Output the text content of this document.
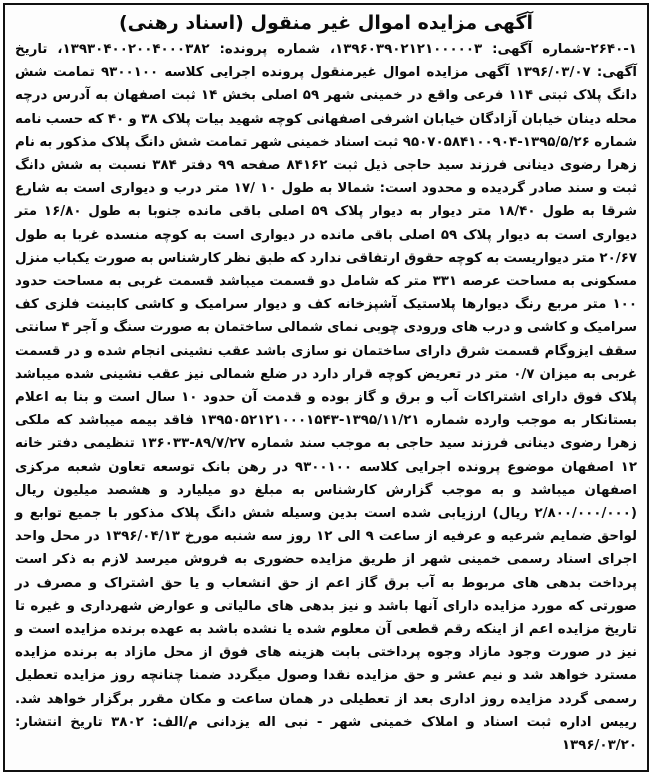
آگهی مزایده اموال غیر منقول (اسناد رهنی)

۲۶۴۰-۱-شماره آگهی: ۱۳۹۶۰۳۹۰۲۱۲۱۰۰۰۰۰۳، شماره پرونده: ۱۳۹۳۰۴۰۰۲۰۰۴۰۰۰۳۸۲، تاریخ آگهی: ۱۳۹۶/۰۳/۰۷ آگهی مزایده اموال غیرمنقول پرونده اجرایی کلاسه ۹۳۰۰۱۰۰ تمامت شش دانگ پلاک ثبتی ۱۱۴ فرعی واقع در خمینی شهر ۵۹ اصلی بخش ۱۴ ثبت اصفهان به آدرس درچه محله دینان خیابان آزادگان خیابان اشرفی اصفهانی کوچه شهید بیات پلاک ۳۸ و ۴۰ که حسب نامه شماره ۱۳۹۵/۵/۲۶-۹۵۰۷۰۵۸۴۱۰۰۹۰۴ ثبت اسناد خمینی شهر تمامت شش دانگ پلاک مذکور به نام زهرا رضوی دینانی فرزند سید حاجی ذیل ثبت ۸۴۱۶۲ صفحه ۹۹ دفتر ۳۸۴ نسبت به شش دانگ ثبت و سند صادر گردیده و محدود است: شمالا به طول ۱۰ /۱۷ متر درب و دیواری است به شارع شرقا به طول ۱۸/۴۰ متر دیوار به دیوار پلاک ۵۹ اصلی باقی مانده جنوبا به طول ۱۶/۸۰ متر دیواری است به دیوار پلاک ۵۹ اصلی باقی مانده در دیواری است به کوچه منسده غربا به طول ۲۰/۶۷ متر دیواریست به کوچه حقوق ارتفاقی ندارد که طبق نظر کارشناس به صورت یکباب منزل مسکونی به مساحت عرصه ۳۳۱ متر که شامل دو قسمت میباشد قسمت غربی به مساحت حدود ۱۰۰ متر مربع رنگ دیوارها پلاستیک آشپزخانه کف و دیوار سرامیک و کاشی کابینت فلزی کف سرامیک و کاشی و درب های ورودی چوبی نمای شمالی ساختمان به صورت سنگ و آجر ۴ سانتی سقف ایزوگام قسمت شرق دارای ساختمان نو سازی باشد عقب نشینی انجام شده و در قسمت غربی به میزان ۰/۷ متر در تعریض کوچه قرار دارد در ضلع شمالی نیز عقب نشینی شده میباشد پلاک فوق دارای اشتراکات آب و برق و گاز بوده و قدمت آن حدود ۱۰ سال است و بنا به اعلام بستانکار به موجب وارده شماره ۱۳۹۵/۱۱/۲۱-۱۳۹۵۰۵۲۱۲۱۰۰۰۱۵۴۳ فاقد بیمه میباشد که ملکی زهرا رضوی دینانی فرزند سید حاجی به موجب سند شماره ۸۹/۷/۲۷-۱۳۶۰۳۳ تنظیمی دفتر خانه ۱۲ اصفهان موضوع پرونده اجرایی کلاسه ۹۳۰۰۱۰۰ در رهن بانک توسعه تعاون شعبه مرکزی اصفهان میباشد و به موجب گزارش کارشناس به مبلغ دو میلیارد و هشصد میلیون ریال (۲/۸۰۰/۰۰۰/۰۰۰ ریال) ارزیابی شده است بدین وسیله شش دانگ پلاک مذکور با جمیع توابع و لواحق ضمایم شرعیه و عرفیه از ساعت ۹ الی ۱۲ روز سه شنبه مورخ ۱۳۹۶/۰۴/۱۳ در محل واحد اجرای اسناد رسمی خمینی شهر از طریق مزایده حضوری به فروش میرسد لازم به ذکر است پرداخت بدهی های مربوط به آب برق گاز اعم از حق انشعاب و یا حق اشتراک و مصرف در صورتی که مورد مزایده دارای آنها باشد و نیز بدهی های مالیاتی و عوارض شهرداری و غیره تا تاریخ مزایده اعم از اینکه رقم قطعی آن معلوم شده یا نشده باشد به عهده برنده مزایده است و نیز در صورت وجود مازاد وجوه پرداختی بابت هزینه های فوق از محل مازاد به برنده مزایده مسترد خواهد شد و نیم عشر و حق مزایده نقدا وصول میگردد ضمنا چنانچه روز مزایده تعطیل رسمی گردد مزایده روز اداری بعد از تعطیلی در همان ساعت و مکان مقرر برگزار خواهد شد. رییس اداره ثبت اسناد و املاک خمینی شهر - نبی اله یزدانی م/الف: ۳۸۰۲ تاریخ انتشار: ۱۳۹۶/۰۳/۲۰
